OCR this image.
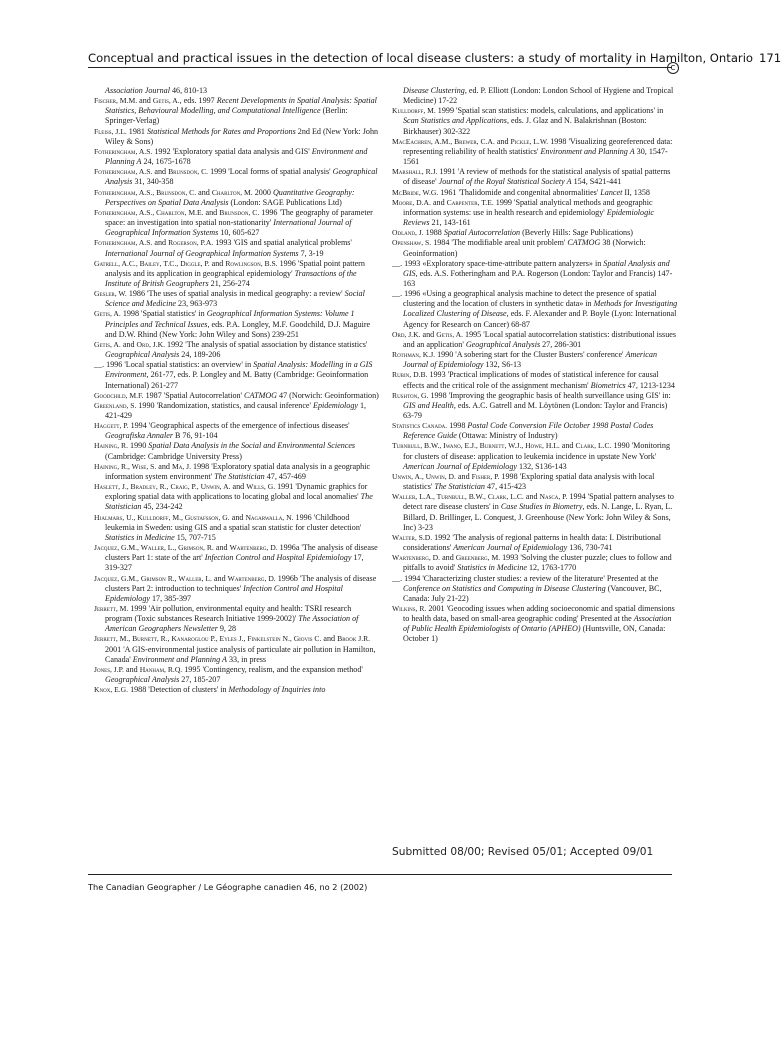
Conceptual and practical issues in the detection of local disease clusters: a study of mortality in Hamilton, Ontario 171
C

Association Journal 46, 810-13

Fischer, M.M. and Getis, A., eds. 1997 Recent Developments in Spatial Analysis: Spatial Statistics, Behavioural Modelling, and Computational Intelligence (Berlin: Springer-Verlag)

Fleiss, J.L. 1981 Statistical Methods for Rates and Proportions 2nd Ed (New York: John Wiley & Sons)

Fotheringham, A.S. 1992 'Exploratory spatial data analysis and GIS' Environment and Planning A 24, 1675-1678

Fotheringham, A.S. and Brunsdon, C. 1999 'Local forms of spatial analysis' Geographical Analysis 31, 340-358

Fotheringham, A.S., Brunsdon, C. and Charlton, M. 2000 Quantitative Geography: Perspectives on Spatial Data Analysis (London: SAGE Publications Ltd)

Fotheringham, A.S., Charlton, M.E. and Brunsdon, C. 1996 'The geography of parameter space: an investigation into spatial non-stationarity' International Journal of Geographical Information Systems 10, 605-627

Fotheringham, A.S. and Rogerson, P.A. 1993 'GIS and spatial analytical problems' International Journal of Geographical Information Systems 7, 3-19

Gatrell, A.C., Bailey, T.C., Diggle, P. and Rowlingson, B.S. 1996 'Spatial point pattern analysis and its application in geographical epidemiology' Transactions of the Institute of British Geographers 21, 256-274

Gesler, W. 1986 'The uses of spatial analysis in medical geography: a review' Social Science and Medicine 23, 963-973

Getis, A. 1998 'Spatial statistics' in Geographical Information Systems: Volume 1 Principles and Technical Issues, eds. P.A. Longley, M.F. Goodchild, D.J. Maguire and D.W. Rhind (New York: John Wiley and Sons) 239-251

Getis, A. and Ord, J.K. 1992 'The analysis of spatial association by distance statistics' Geographical Analysis 24, 189-206

__. 1996 'Local spatial statistics: an overview' in Spatial Analysis: Modelling in a GIS Environment, 261-77, eds. P. Longley and M. Batty (Cambridge: Geoinformation International) 261-277

Goodchild, M.F. 1987 'Spatial Autocorrelation' CATMOG 47 (Norwich: Geoinformation)

Greenland, S. 1990 'Randomization, statistics, and causal inference' Epidemiology 1, 421-429

Haggett, P. 1994 'Geographical aspects of the emergence of infectious diseases' Geografiska Annaler B 76, 91-104

Haining, R. 1990 Spatial Data Analysis in the Social and Environmental Sciences (Cambridge: Cambridge University Press)

Haining, R., Wise, S. and Ma, J. 1998 'Exploratory spatial data analysis in a geographic information system environment' The Statistician 47, 457-469

Haslett, J., Bradley, R., Craig, P., Unwin, A. and Wills, G. 1991 'Dynamic graphics for exploring spatial data with applications to locating global and local anomalies' The Statistician 45, 234-242

Hjalmars, U., Kulldorff, M., Gustafsson, G. and Nagarwalla, N. 1996 'Childhood leukemia in Sweden: using GIS and a spatial scan statistic for cluster detection' Statistics in Medicine 15, 707-715

Jacquez, G.M., Waller, L., Grimson, R. and Wartenberg, D. 1996a 'The analysis of disease clusters Part 1: state of the art' Infection Control and Hospital Epidemiology 17, 319-327

Jacquez, G.M., Grimson R., Waller, L. and Wartenberg, D. 1996b 'The analysis of disease clusters Part 2: introduction to techniques' Infection Control and Hospital Epidemiology 17, 385-397

Jerrett, M. 1999 'Air pollution, environmental equity and health: TSRI research program (Toxic substances Research Initiative 1999-2002)' The Association of American Geographers Newsletter 9, 28

Jerrett, M., Burnett, R., Kanaroglou P., Eyles J., Finkelstein N., Giovis C. and Brook J.R. 2001 'A GIS-environmental justice analysis of particulate air pollution in Hamilton, Canada' Environment and Planning A 33, in press

Jones, J.P. and Hanham, R.Q. 1995 'Contingency, realism, and the expansion method' Geographical Analysis 27, 185-207

Knox, E.G. 1988 'Detection of clusters' in Methodology of Inquiries into

Disease Clustering, ed. P. Elliott (London: London School of Hygiene and Tropical Medicine) 17-22

Kulldorff, M. 1999 'Spatial scan statistics: models, calculations, and applications' in Scan Statistics and Applications, eds. J. Glaz and N. Balakrishnan (Boston: Birkhauser) 302-322

MacEachren, A.M., Brewer, C.A. and Pickle, L.W. 1998 'Visualizing georeferenced data: representing reliability of health statistics' Environment and Planning A 30, 1547-1561

Marshall, R.J. 1991 'A review of methods for the statistical analysis of spatial patterns of disease' Journal of the Royal Statistical Society A 154, S421-441

McBride, W.G. 1961 'Thalidomide and congenital abnormalities' Lancet II, 1358

Moore, D.A. and Carpenter, T.E. 1999 'Spatial analytical methods and geographic information systems: use in health research and epidemiology' Epidemiologic Reviews 21, 143-161

Odland, J. 1988 Spatial Autocorrelation (Beverly Hills: Sage Publications)

Openshaw, S. 1984 'The modifiable areal unit problem' CATMOG 38 (Norwich: Geoinformation)

__. 1993 «Exploratory space-time-attribute pattern analyzers» in Spatial Analysis and GIS, eds. A.S. Fotheringham and P.A. Rogerson (London: Taylor and Francis) 147-163

__. 1996 «Using a geographical analysis machine to detect the presence of spatial clustering and the location of clusters in synthetic data» in Methods for Investigating Localized Clustering of Disease, eds. F. Alexander and P. Boyle (Lyon: International Agency for Research on Cancer) 68-87

Ord, J.K. and Getis, A. 1995 'Local spatial autocorrelation statistics: distributional issues and an application' Geographical Analysis 27, 286-301

Rothman, K.J. 1990 'A sobering start for the Cluster Busters' conference' American Journal of Epidemiology 132, S6-13

Rubin, D.B. 1993 'Practical implications of modes of statistical inference for causal effects and the critical role of the assignment mechanism' Biometrics 47, 1213-1234

Rushton, G. 1998 'Improving the geographic basis of health surveillance using GIS' in: GIS and Health, eds. A.C. Gatrell and M. Löytönen (London: Taylor and Francis) 63-79

Statistics Canada. 1998 Postal Code Conversion File October 1998 Postal Codes Reference Guide (Ottawa: Ministry of Industry)

Turnbull, B.W., Iwano, E.J., Burnett, W.J., Howe, H.L. and Clark, L.C. 1990 'Monitoring for clusters of disease: application to leukemia incidence in upstate New York' American Journal of Epidemiology 132, S136-143

Unwin, A., Unwin, D. and Fisher, P. 1998 'Exploring spatial data analysis with local statistics' The Statistician 47, 415-423

Waller, L.A., Turnbull, B.W., Clark, L.C. and Nasca, P. 1994 'Spatial pattern analyses to detect rare disease clusters' in Case Studies in Biometry, eds. N. Lange, L. Ryan, L. Billard, D. Brillinger, L. Conquest, J. Greenhouse (New York: John Wiley & Sons, Inc) 3-23

Walter, S.D. 1992 'The analysis of regional patterns in health data: I. Distributional considerations' American Journal of Epidemiology 136, 730-741

Wartenberg, D. and Greenberg, M. 1993 'Solving the cluster puzzle; clues to follow and pitfalls to avoid' Statistics in Medicine 12, 1763-1770

__. 1994 'Characterizing cluster studies: a review of the literature' Presented at the Conference on Statistics and Computing in Disease Clustering (Vancouver, BC, Canada: July 21-22)

Wilkins, R. 2001 'Geocoding issues when adding socioeconomic and spatial dimensions to health data, based on small-area geographic coding' Presented at the Association of Public Health Epidemiologists of Ontario (APHEO) (Huntsville, ON, Canada: October 1)

Submitted 08/00; Revised 05/01; Accepted 09/01
The Canadian Geographer / Le Géographe canadien 46, no 2 (2002)
